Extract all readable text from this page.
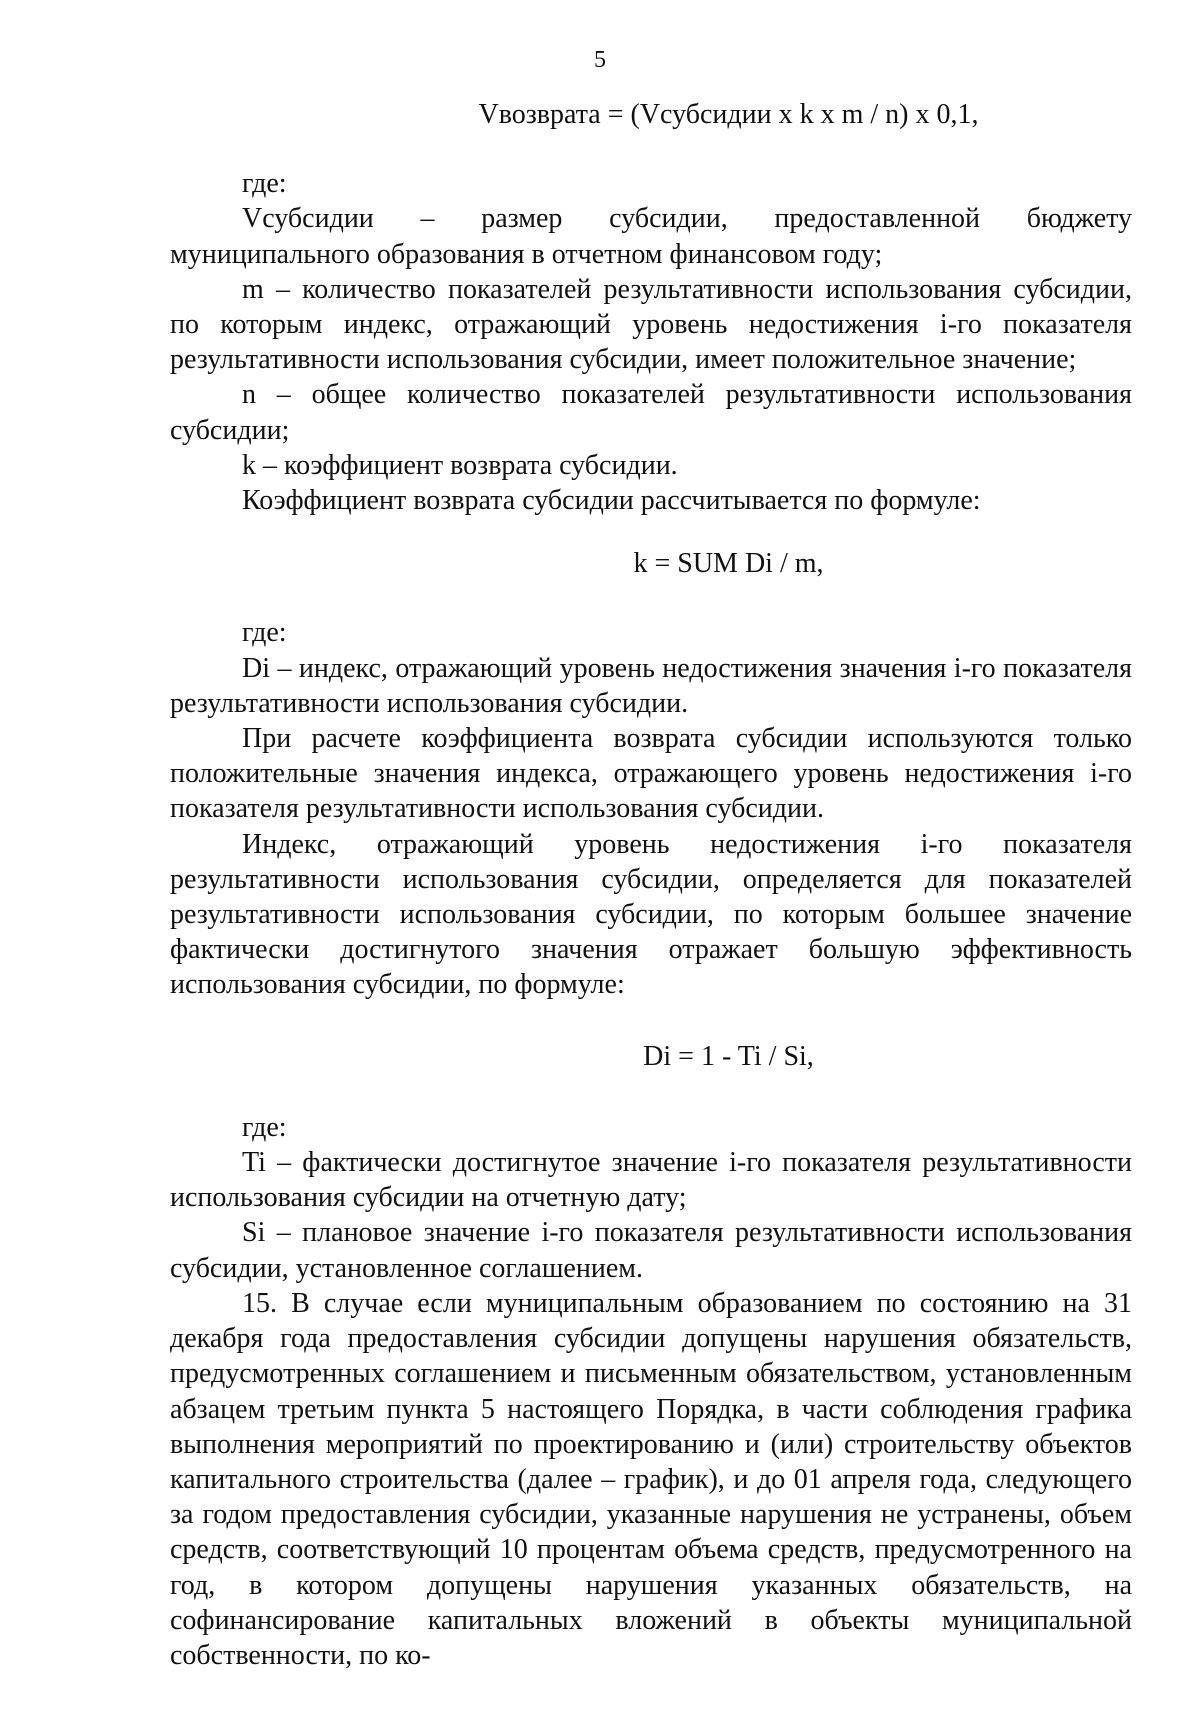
5
Vвозврата = (Vсубсидии x k x m / n) x 0,1,
где:

Vсубсидии – размер субсидии, предоставленной бюджету муниципального образования в отчетном финансовом году;

m – количество показателей результативности использования субсидии, по которым индекс, отражающий уровень недостижения i-го показателя результативности использования субсидии, имеет положительное значение;

n – общее количество показателей результативности использования субсидии;

k – коэффициент возврата субсидии.

Коэффициент возврата субсидии рассчитывается по формуле:

k = SUM Di / m,
где:

Di – индекс, отражающий уровень недостижения значения i-го показателя результативности использования субсидии.

При расчете коэффициента возврата субсидии используются только положительные значения индекса, отражающего уровень недостижения i-го показателя результативности использования субсидии.

Индекс, отражающий уровень недостижения i-го показателя результативности использования субсидии, определяется для показателей результативности использования субсидии, по которым большее значение фактически достигнутого значения отражает большую эффективность использования субсидии, по формуле:

Di = 1 - Ti / Si,
где:

Ti – фактически достигнутое значение i-го показателя результативности использования субсидии на отчетную дату;

Si – плановое значение i-го показателя результативности использования субсидии, установленное соглашением.

15. В случае если муниципальным образованием по состоянию на 31 декабря года предоставления субсидии допущены нарушения обязательств, предусмотренных соглашением и письменным обязательством, установленным абзацем третьим пункта 5 настоящего Порядка, в части соблюдения графика выполнения мероприятий по проектированию и (или) строительству объектов капитального строительства (далее – график), и до 01 апреля года, следующего за годом предоставления субсидии, указанные нарушения не устранены, объем средств, соответствующий 10 процентам объема средств, предусмотренного на год, в котором допущены нарушения указанных обязательств, на софинансирование капитальных вложений в объекты муниципальной собственности, по ко-
